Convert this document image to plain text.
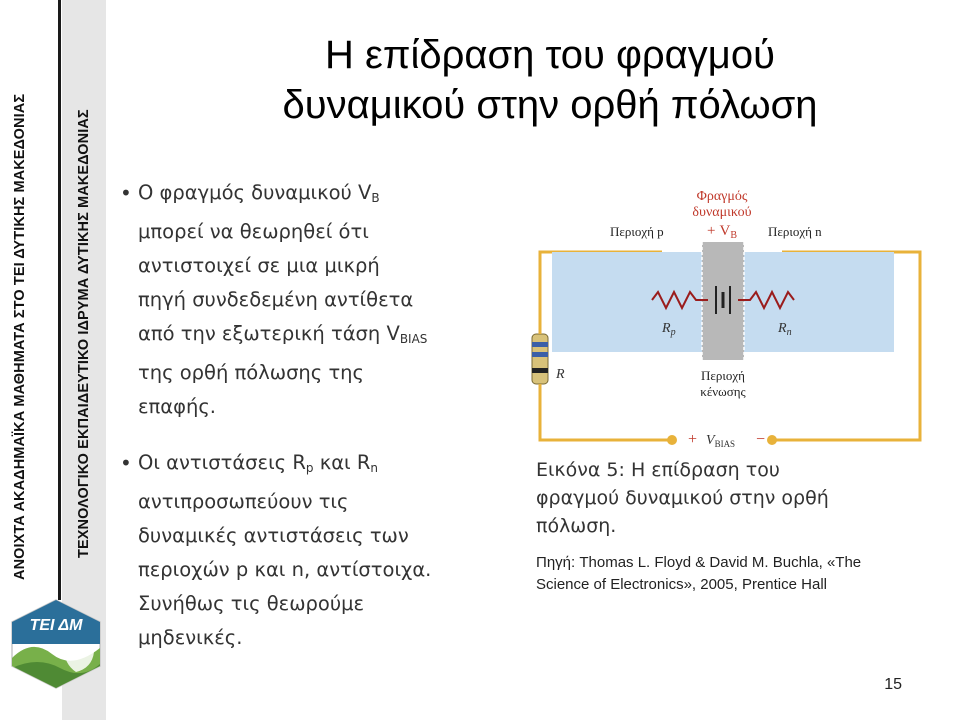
ΑΝΟΙΧΤΑ ΑΚΑΔΗΜΑΪΚΑ ΜΑΘΗΜΑΤΑ ΣΤΟ ΤΕΙ ΔΥΤΙΚΗΣ ΜΑΚΕΔΟΝΙΑΣ	ΤΕΧΝΟΛΟΓΙΚΟ ΕΚΠΑΙΔΕΥΤΙΚΟ ΙΔΡΥΜΑ ΔΥΤΙΚΗΣ ΜΑΚΕΔΟΝΙΑΣ
ΤΕΙ ΔΜ
Η επίδραση του φραγμού
δυναμικού στην ορθή πόλωση
• Ο φραγμός δυναμικού $V_B$
μπορεί να θεωρηθεί ότι
αντιστοιχεί σε μια μικρή
πηγή συνδεδεμένη αντίθετα
από την εξωτερική τάση $V_{BIAS}$
της ορθή πόλωσης της
επαφής.
• Οι αντιστάσεις $R_p$ και $R_n$
αντιπροσωπεύουν τις
δυναμικές αντιστάσεις των
περιοχών p και n, αντίστοιχα.
Συνήθως τις θεωρούμε
μηδενικές.
Φραγμός
δυναμικού
+ $V_B$
Περιοχή p	Περιοχή n
$R_p$	$R_n$
R	Περιοχή
κένωσης
+ $V_{BIAS}$ −
Εικόνα 5: Η επίδραση του
φραγμού δυναμικού στην ορθή
πόλωση.
Πηγή: Thomas L. Floyd & David M. Buchla, «The
Science of Electronics», 2005, Prentice Hall
15
